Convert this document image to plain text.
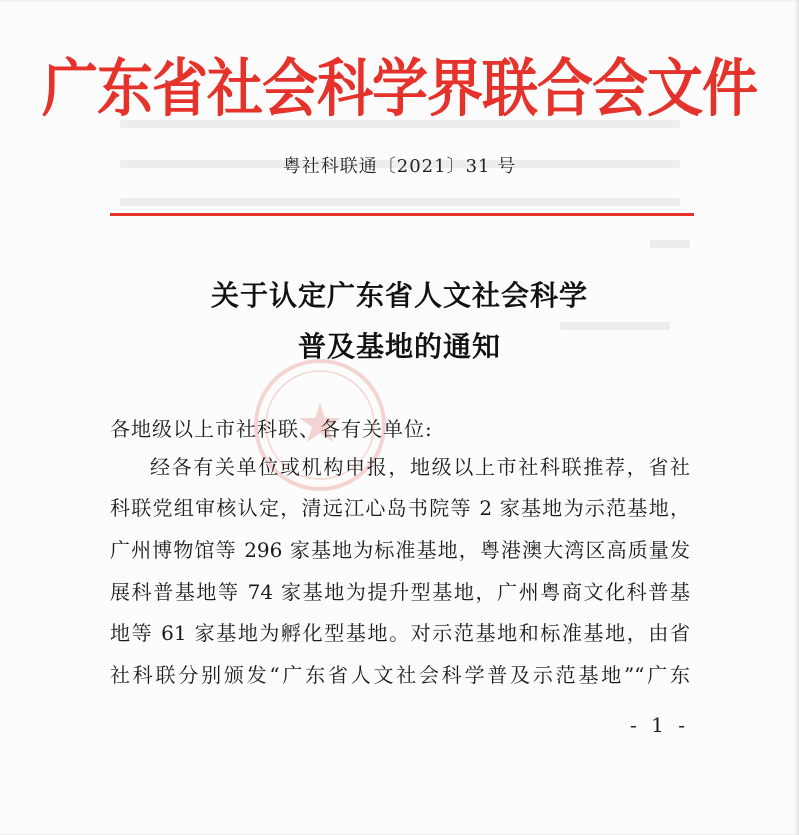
广东省社会科学界联合会文件
粤社科联通〔2021〕31 号
关于认定广东省人文社会科学
普及基地的通知
各地级以上市社科联、各有关单位:
经各有关单位或机构申报，地级以上市社科联推荐，省社
科联党组审核认定，清远江心岛书院等 2 家基地为示范基地，
广州博物馆等 296 家基地为标准基地，粤港澳大湾区高质量发
展科普基地等 74 家基地为提升型基地，广州粤商文化科普基
地等 61 家基地为孵化型基地。对示范基地和标准基地，由省
社科联分别颁发“广东省人文社会科学普及示范基地”“广东
- 1 -
